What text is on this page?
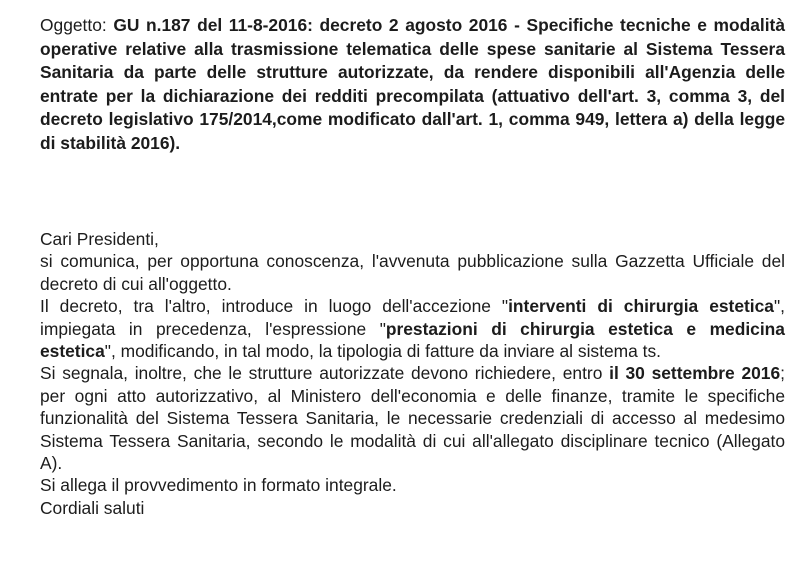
Oggetto: GU n.187 del 11-8-2016: decreto 2 agosto 2016 - Specifiche tecniche e modalità operative relative alla trasmissione telematica delle spese sanitarie al Sistema Tessera Sanitaria da parte delle strutture autorizzate, da rendere disponibili all'Agenzia delle entrate per la dichiarazione dei redditi precompilata (attuativo dell'art. 3, comma 3, del decreto legislativo 175/2014,come modificato dall'art. 1, comma 949, lettera a) della legge di stabilità 2016).

Cari Presidenti,

si comunica, per opportuna conoscenza, l'avvenuta pubblicazione sulla Gazzetta Ufficiale del decreto di cui all'oggetto.

Il decreto, tra l'altro, introduce in luogo dell'accezione "interventi di chirurgia estetica", impiegata in precedenza, l'espressione "prestazioni di chirurgia estetica e medicina estetica", modificando, in tal modo, la tipologia di fatture da inviare al sistema ts.

Si segnala, inoltre, che le strutture autorizzate devono richiedere, entro il 30 settembre 2016; per ogni atto autorizzativo, al Ministero dell'economia e delle finanze, tramite le specifiche funzionalità del Sistema Tessera Sanitaria, le necessarie credenziali di accesso al medesimo Sistema Tessera Sanitaria, secondo le modalità di cui all'allegato disciplinare tecnico (Allegato A).

Si allega il provvedimento in formato integrale.

Cordiali saluti
